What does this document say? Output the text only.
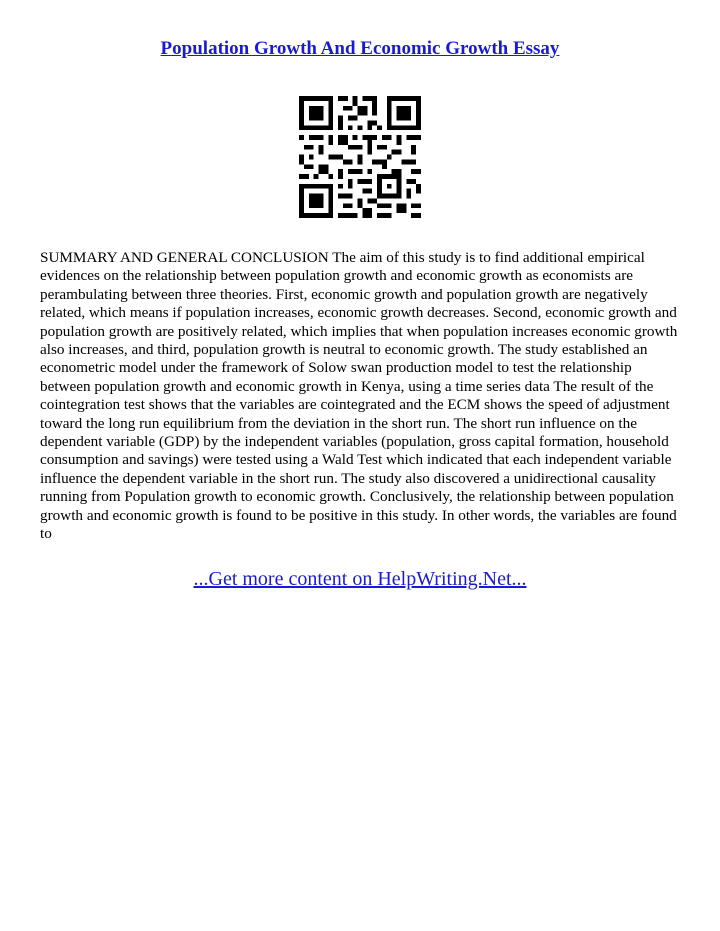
Population Growth And Economic Growth Essay

SUMMARY AND GENERAL CONCLUSION The aim of this study is to find additional empirical evidences on the relationship between population growth and economic growth as economists are perambulating between three theories. First, economic growth and population growth are negatively related, which means if population increases, economic growth decreases. Second, economic growth and population growth are positively related, which implies that when population increases economic growth also increases, and third, population growth is neutral to economic growth. The study established an econometric model under the framework of Solow swan production model to test the relationship between population growth and economic growth in Kenya, using a time series data The result of the cointegration test shows that the variables are cointegrated and the ECM shows the speed of adjustment toward the long run equilibrium from the deviation in the short run. The short run influence on the dependent variable (GDP) by the independent variables (population, gross capital formation, household consumption and savings) were tested using a Wald Test which indicated that each independent variable influence the dependent variable in the short run. The study also discovered a unidirectional causality running from Population growth to economic growth. Conclusively, the relationship between population growth and economic growth is found to be positive in this study. In other words, the variables are found to

...Get more content on HelpWriting.Net...
